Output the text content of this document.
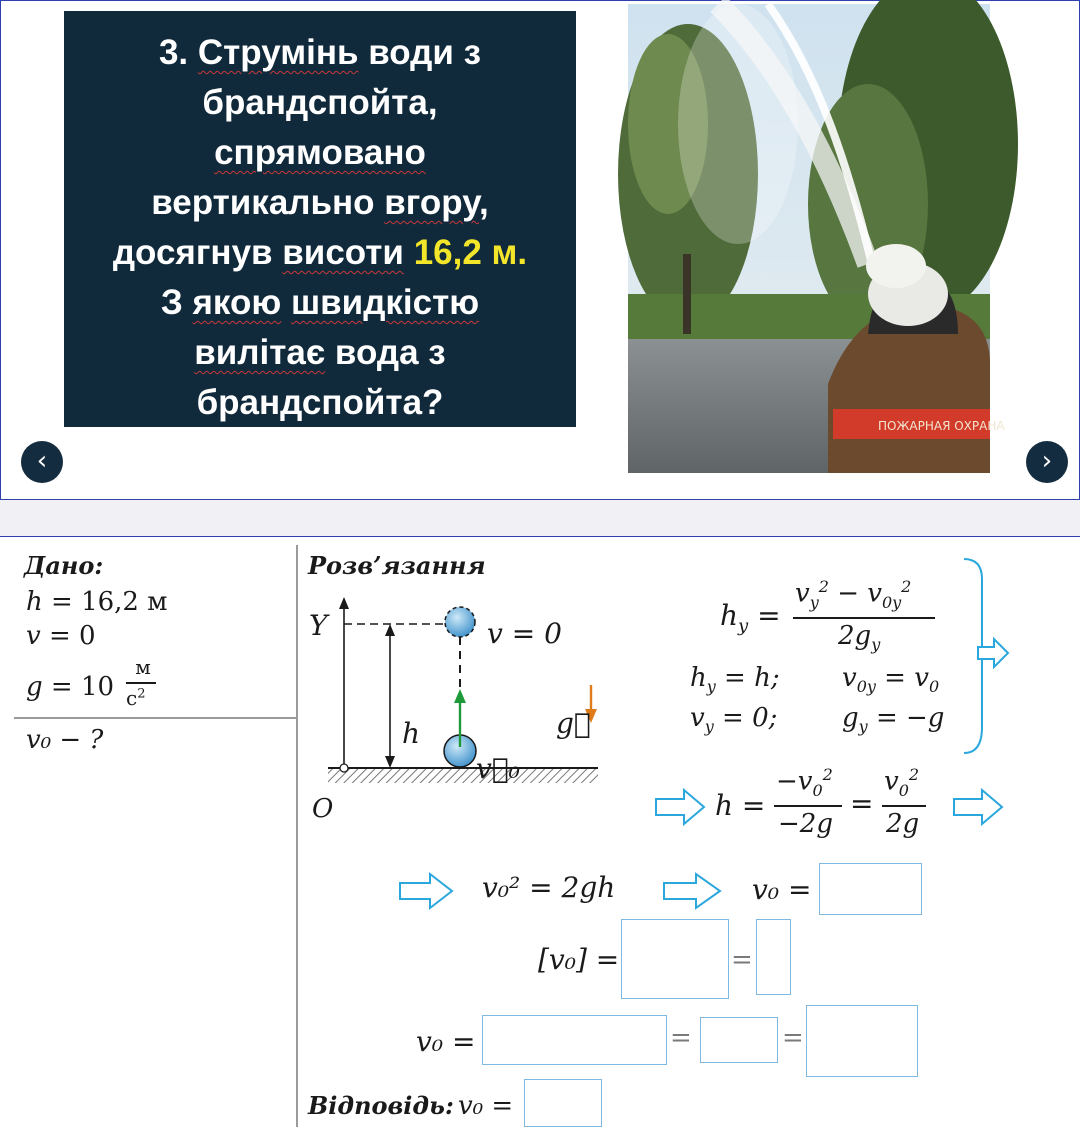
3. Струмінь води з
брандспойта,
спрямовано
вертикально вгору,
досягнув висоти 16,2 м.
З якою швидкістю
вилітає вода з
брандспойта?
ПОЖАРНАЯ ОХРАНА
‹	›
Дано:
h = 16,2 м
v = 0
g = 10
м
$с^2$
v₀ − ?
Розв’язання
Y
O
h
v = 0
g⃗
v⃗₀
$h_y$ =
$v_y^2 - v_{0y}^2$
$2g_y$
$h_y = h$; $v_{0y} = v_0$
$v_y = 0$; $g_y = -g$
h =
$-v_0^2$
−2g
=
$v_0^2$
2g
v₀² = 2gh	v₀ =
[v₀] =	=
v₀ =	=	=
Відповідь: v₀ =
